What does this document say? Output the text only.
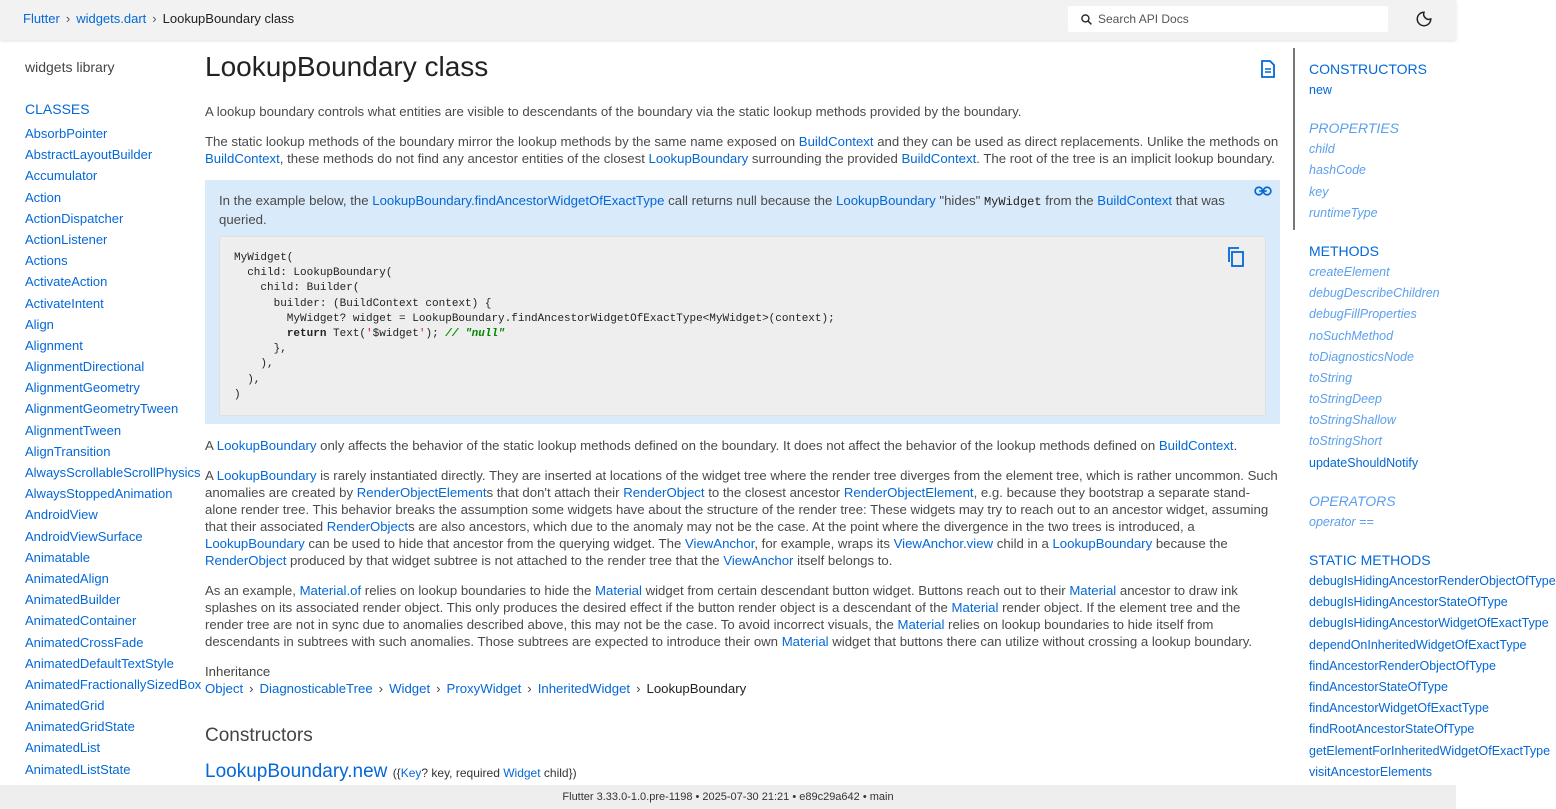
Flutter › widgets.dart › LookupBoundary class	Search API Docs
widgets library
CLASSES
AbsorbPointer
AbstractLayoutBuilder
Accumulator
Action
ActionDispatcher
ActionListener
Actions
ActivateAction
ActivateIntent
Align
Alignment
AlignmentDirectional
AlignmentGeometry
AlignmentGeometryTween
AlignmentTween
AlignTransition
AlwaysScrollableScrollPhysics
AlwaysStoppedAnimation
AndroidView
AndroidViewSurface
Animatable
AnimatedAlign
AnimatedBuilder
AnimatedContainer
AnimatedCrossFade
AnimatedDefaultTextStyle
AnimatedFractionallySizedBox
AnimatedGrid
AnimatedGridState
AnimatedList
AnimatedListState
LookupBoundary class

A lookup boundary controls what entities are visible to descendants of the boundary via the static lookup methods provided by the boundary.

The static lookup methods of the boundary mirror the lookup methods by the same name exposed on BuildContext and they can be used as direct replacements. Unlike the methods on BuildContext, these methods do not find any ancestor entities of the closest LookupBoundary surrounding the provided BuildContext. The root of the tree is an implicit lookup boundary.

In the example below, the LookupBoundary.findAncestorWidgetOfExactType call returns null because the LookupBoundary "hides" MyWidget from the BuildContext that was queried.

MyWidget(
child: LookupBoundary(
child: Builder(
builder: (BuildContext context) {
MyWidget? widget = LookupBoundary.findAncestorWidgetOfExactType<MyWidget>(context);
return Text('$widget'); // "null"
},
),
),
)

A LookupBoundary only affects the behavior of the static lookup methods defined on the boundary. It does not affect the behavior of the lookup methods defined on BuildContext.

A LookupBoundary is rarely instantiated directly. They are inserted at locations of the widget tree where the render tree diverges from the element tree, which is rather uncommon. Such anomalies are created by RenderObjectElements that don't attach their RenderObject to the closest ancestor RenderObjectElement, e.g. because they bootstrap a separate stand-alone render tree. This behavior breaks the assumption some widgets have about the structure of the render tree: These widgets may try to reach out to an ancestor widget, assuming that their associated RenderObjects are also ancestors, which due to the anomaly may not be the case. At the point where the divergence in the two trees is introduced, a LookupBoundary can be used to hide that ancestor from the querying widget. The ViewAnchor, for example, wraps its ViewAnchor.view child in a LookupBoundary because the RenderObject produced by that widget subtree is not attached to the render tree that the ViewAnchor itself belongs to.

As an example, Material.of relies on lookup boundaries to hide the Material widget from certain descendant button widget. Buttons reach out to their Material ancestor to draw ink splashes on its associated render object. This only produces the desired effect if the button render object is a descendant of the Material render object. If the element tree and the render tree are not in sync due to anomalies described above, this may not be the case. To avoid incorrect visuals, the Material relies on lookup boundaries to hide itself from descendants in subtrees with such anomalies. Those subtrees are expected to introduce their own Material widget that buttons there can utilize without crossing a lookup boundary.

Inheritance
Object › DiagnosticableTree › Widget › ProxyWidget › InheritedWidget › LookupBoundary
Constructors
LookupBoundary.new ({Key? key, required Widget child})
CONSTRUCTORS
new
PROPERTIES
child
hashCode
key
runtimeType
METHODS
createElement
debugDescribeChildren
debugFillProperties
noSuchMethod
toDiagnosticsNode
toString
toStringDeep
toStringShallow
toStringShort
updateShouldNotify
OPERATORS
operator ==
STATIC METHODS
debugIsHidingAncestorRenderObjectOfType
debugIsHidingAncestorStateOfType
debugIsHidingAncestorWidgetOfExactType
dependOnInheritedWidgetOfExactType
findAncestorRenderObjectOfType
findAncestorStateOfType
findAncestorWidgetOfExactType
findRootAncestorStateOfType
getElementForInheritedWidgetOfExactType
visitAncestorElements
Flutter 3.33.0-1.0.pre-1198 • 2025-07-30 21:21 • e89c29a642 • main
